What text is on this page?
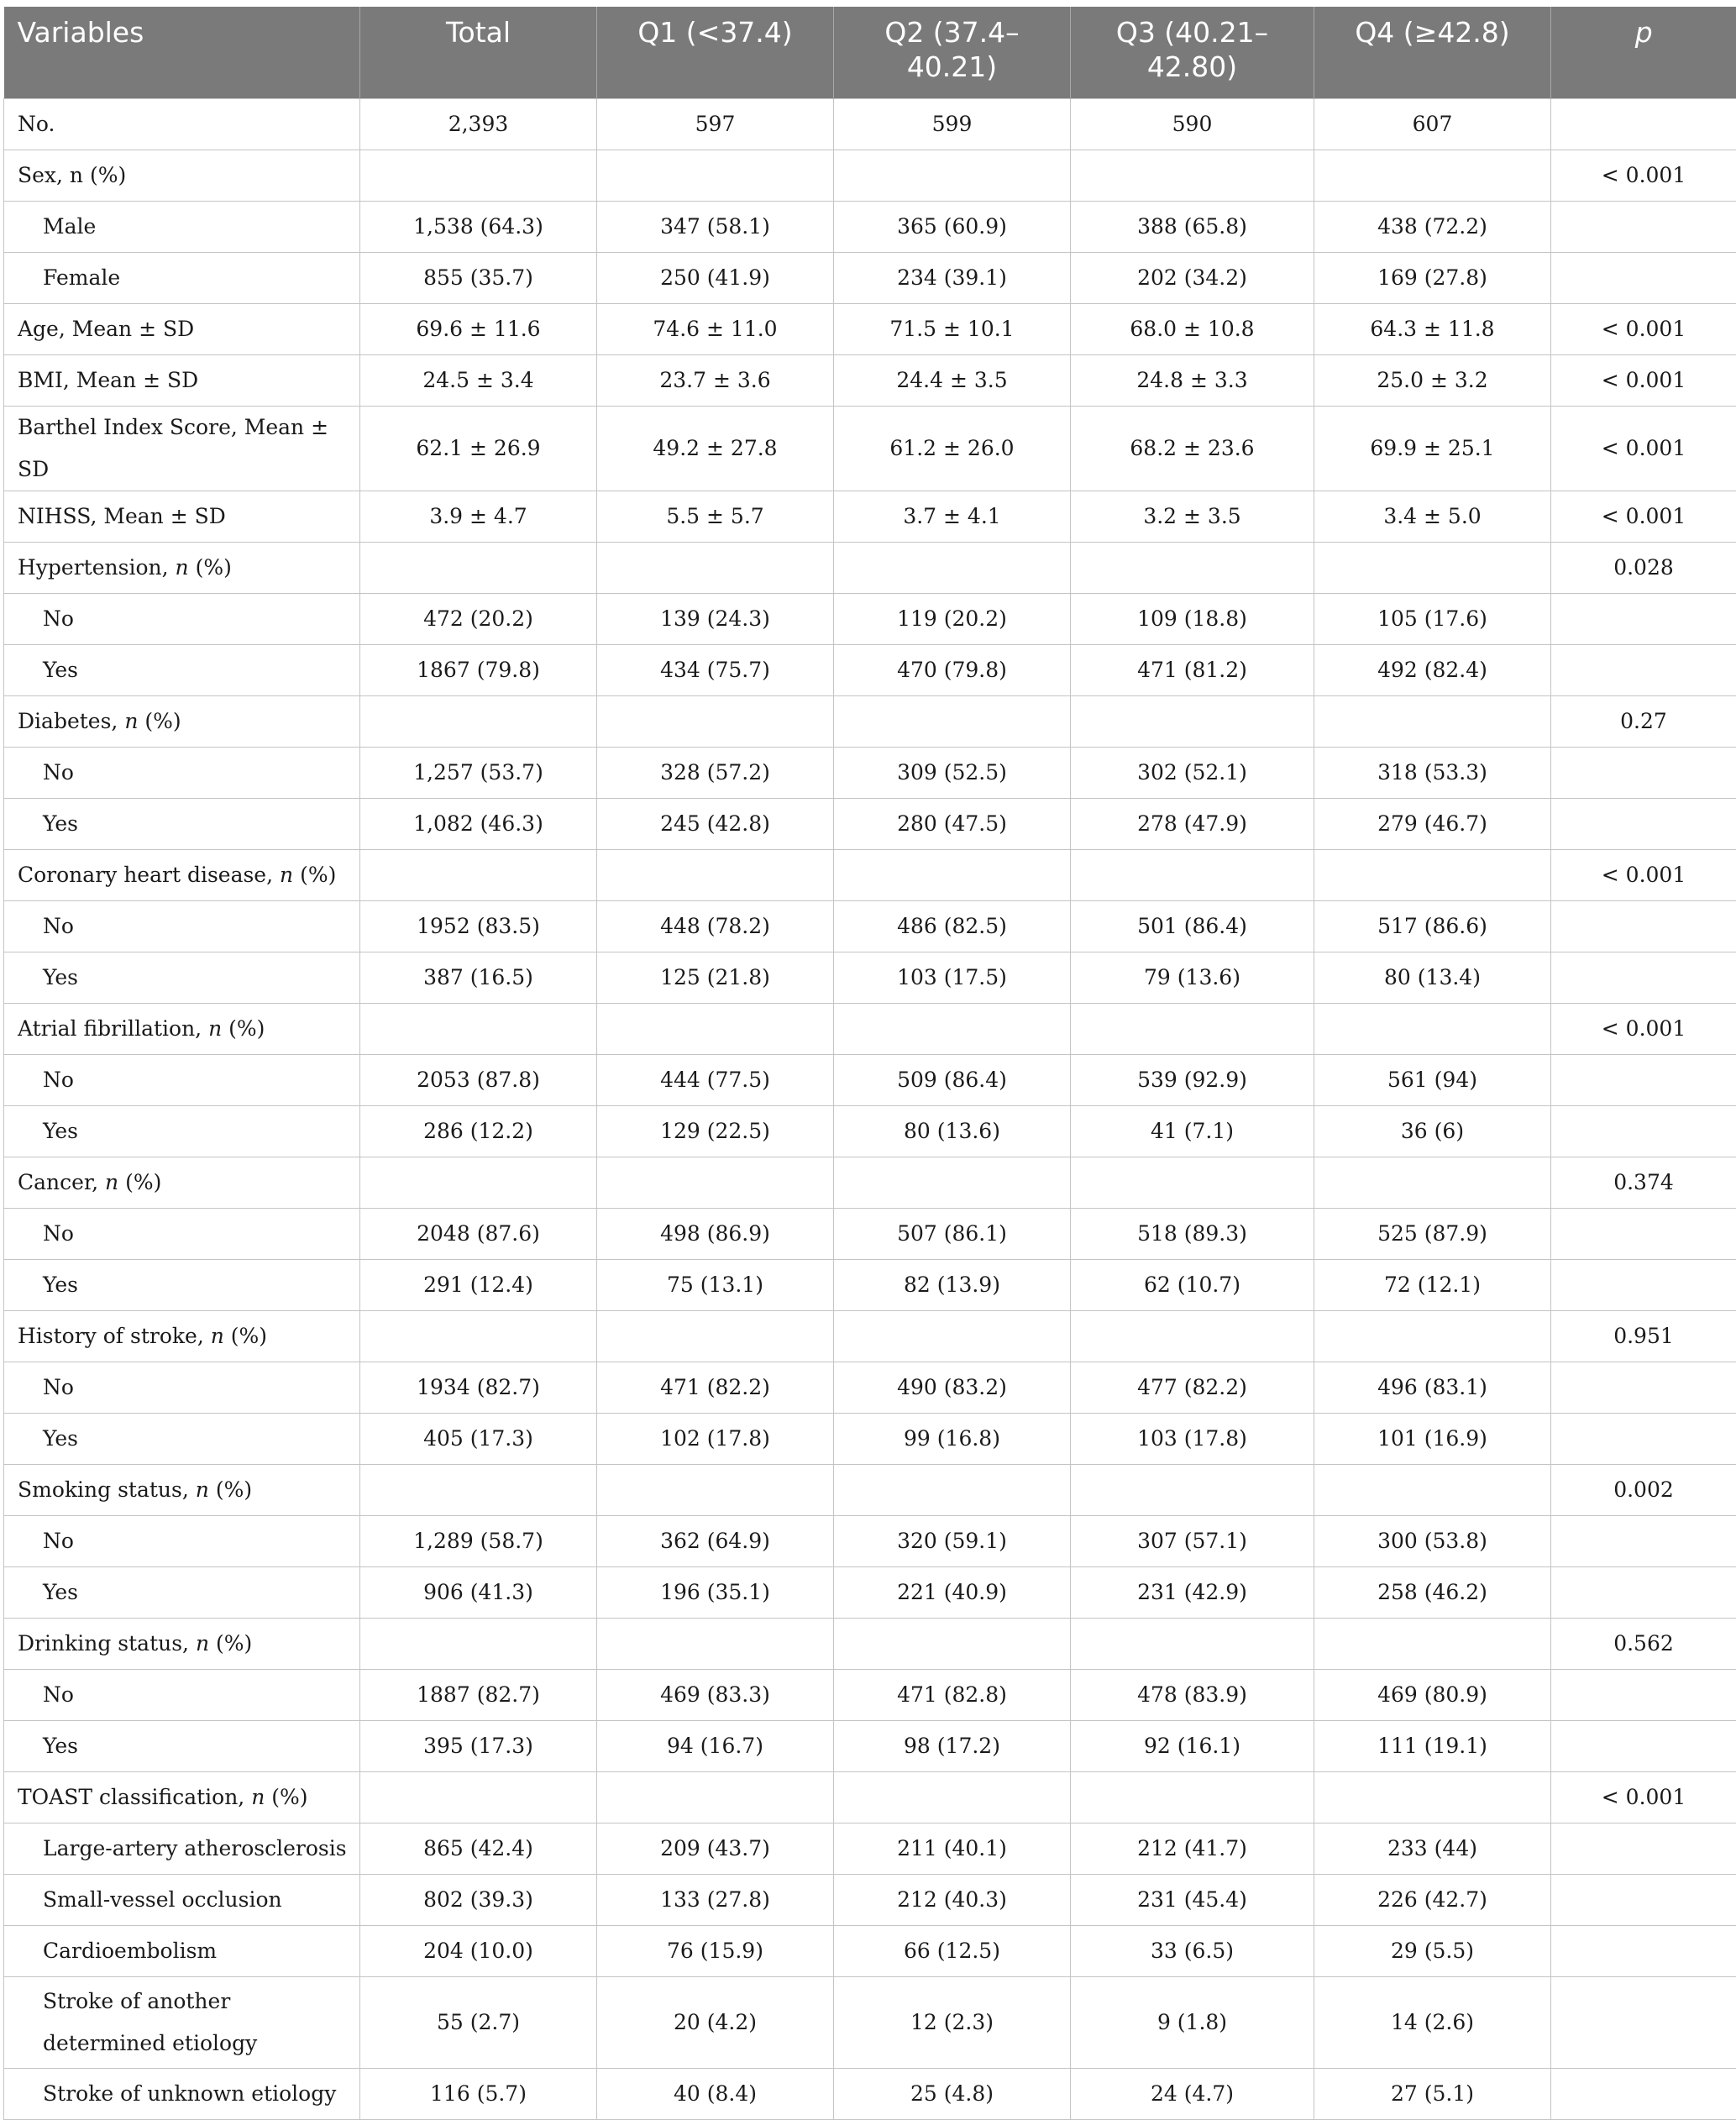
Variables	Total	Q1 (<37.4)	Q2 (37.4–40.21)	Q3 (40.21–42.80)	Q4 (≥42.8)	p
No.	2,393	597	599	590	607	
Sex, n (%)						< 0.001
Male	1,538 (64.3)	347 (58.1)	365 (60.9)	388 (65.8)	438 (72.2)	
Female	855 (35.7)	250 (41.9)	234 (39.1)	202 (34.2)	169 (27.8)	
Age, Mean ± SD	69.6 ± 11.6	74.6 ± 11.0	71.5 ± 10.1	68.0 ± 10.8	64.3 ± 11.8	< 0.001
BMI, Mean ± SD	24.5 ± 3.4	23.7 ± 3.6	24.4 ± 3.5	24.8 ± 3.3	25.0 ± 3.2	< 0.001
Barthel Index Score, Mean ± SD	62.1 ± 26.9	49.2 ± 27.8	61.2 ± 26.0	68.2 ± 23.6	69.9 ± 25.1	< 0.001
NIHSS, Mean ± SD	3.9 ± 4.7	5.5 ± 5.7	3.7 ± 4.1	3.2 ± 3.5	3.4 ± 5.0	< 0.001
Hypertension, n (%)						0.028
No	472 (20.2)	139 (24.3)	119 (20.2)	109 (18.8)	105 (17.6)	
Yes	1867 (79.8)	434 (75.7)	470 (79.8)	471 (81.2)	492 (82.4)	
Diabetes, n (%)						0.27
No	1,257 (53.7)	328 (57.2)	309 (52.5)	302 (52.1)	318 (53.3)	
Yes	1,082 (46.3)	245 (42.8)	280 (47.5)	278 (47.9)	279 (46.7)	
Coronary heart disease, n (%)						< 0.001
No	1952 (83.5)	448 (78.2)	486 (82.5)	501 (86.4)	517 (86.6)	
Yes	387 (16.5)	125 (21.8)	103 (17.5)	79 (13.6)	80 (13.4)	
Atrial fibrillation, n (%)						< 0.001
No	2053 (87.8)	444 (77.5)	509 (86.4)	539 (92.9)	561 (94)	
Yes	286 (12.2)	129 (22.5)	80 (13.6)	41 (7.1)	36 (6)	
Cancer, n (%)						0.374
No	2048 (87.6)	498 (86.9)	507 (86.1)	518 (89.3)	525 (87.9)	
Yes	291 (12.4)	75 (13.1)	82 (13.9)	62 (10.7)	72 (12.1)	
History of stroke, n (%)						0.951
No	1934 (82.7)	471 (82.2)	490 (83.2)	477 (82.2)	496 (83.1)	
Yes	405 (17.3)	102 (17.8)	99 (16.8)	103 (17.8)	101 (16.9)	
Smoking status, n (%)						0.002
No	1,289 (58.7)	362 (64.9)	320 (59.1)	307 (57.1)	300 (53.8)	
Yes	906 (41.3)	196 (35.1)	221 (40.9)	231 (42.9)	258 (46.2)	
Drinking status, n (%)						0.562
No	1887 (82.7)	469 (83.3)	471 (82.8)	478 (83.9)	469 (80.9)	
Yes	395 (17.3)	94 (16.7)	98 (17.2)	92 (16.1)	111 (19.1)	
TOAST classification, n (%)						< 0.001
Large-artery atherosclerosis	865 (42.4)	209 (43.7)	211 (40.1)	212 (41.7)	233 (44)	
Small-vessel occlusion	802 (39.3)	133 (27.8)	212 (40.3)	231 (45.4)	226 (42.7)	
Cardioembolism	204 (10.0)	76 (15.9)	66 (12.5)	33 (6.5)	29 (5.5)	
Stroke of another determined etiology	55 (2.7)	20 (4.2)	12 (2.3)	9 (1.8)	14 (2.6)	
Stroke of unknown etiology	116 (5.7)	40 (8.4)	25 (4.8)	24 (4.7)	27 (5.1)	
